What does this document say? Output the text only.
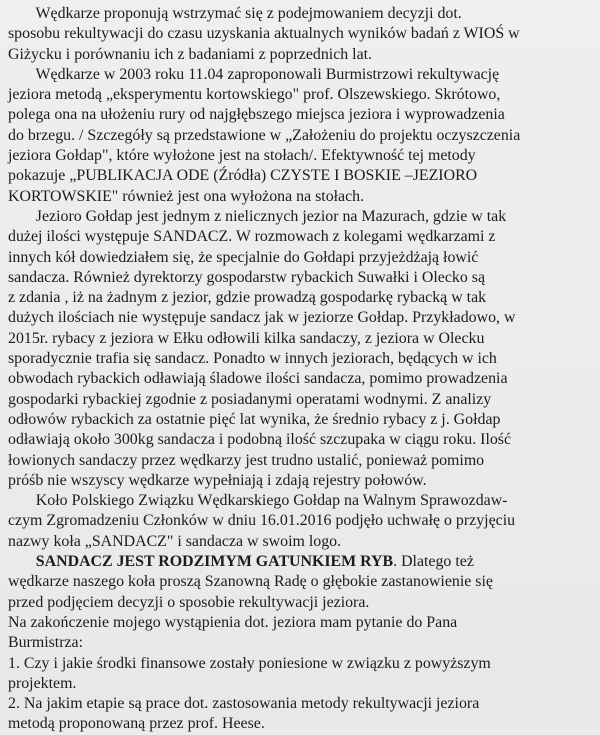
Wędkarze proponują wstrzymać się z podejmowaniem decyzji dot.
sposobu rekultywacji do czasu uzyskania aktualnych wyników badań z WIOŚ w
Giżycku i porównaniu ich z badaniami z poprzednich lat.
Wędkarze w 2003 roku 11.04 zaproponowali Burmistrzowi rekultywację
jeziora metodą „eksperymentu kortowskiego" prof. Olszewskiego. Skrótowo,
polega ona na ułożeniu rury od najgłębszego miejsca jeziora i wyprowadzenia
do brzegu. / Szczegóły są przedstawione w „Założeniu do projektu oczyszczenia
jeziora Gołdap", które wyłożone jest na stołach/. Efektywność tej metody
pokazuje „PUBLIKACJA ODE (Źródła) CZYSTE I BOSKIE –JEZIORO
KORTOWSKIE" również jest ona wyłożona na stołach.
Jezioro Gołdap jest jednym z nielicznych jezior na Mazurach, gdzie w tak
dużej ilości występuje SANDACZ. W rozmowach z kolegami wędkarzami z
innych kół dowiedziałem się, że specjalnie do Gołdapi przyjeżdżają łowić
sandacza. Również dyrektorzy gospodarstw rybackich Suwałki i Olecko są
z zdania , iż na żadnym z jezior, gdzie prowadzą gospodarkę rybacką w tak
dużych ilościach nie występuje sandacz jak w jeziorze Gołdap. Przykładowo, w
2015r. rybacy z jeziora w Ełku odłowili kilka sandaczy, z jeziora w Olecku
sporadycznie trafia się sandacz. Ponadto w innych jeziorach, będących w ich
obwodach rybackich odławiają śladowe ilości sandacza, pomimo prowadzenia
gospodarki rybackiej zgodnie z posiadanymi operatami wodnymi. Z analizy
odłowów rybackich za ostatnie pięć lat wynika, że średnio rybacy z j. Gołdap
odławiają około 300kg sandacza i podobną ilość szczupaka w ciągu roku. Ilość
łowionych sandaczy przez wędkarzy jest trudno ustalić, ponieważ pomimo
próśb nie wszyscy wędkarze wypełniają i zdają rejestry połowów.
Koło Polskiego Związku Wędkarskiego Gołdap na Walnym Sprawozdaw-
czym Zgromadzeniu Członków w dniu 16.01.2016 podjęło uchwałę o przyjęciu
nazwy koła „SANDACZ" i sandacza w swoim logo.
SANDACZ JEST RODZIMYM GATUNKIEM RYB. Dlatego też
wędkarze naszego koła proszą Szanowną Radę o głębokie zastanowienie się
przed podjęciem decyzji o sposobie rekultywacji jeziora.
Na zakończenie mojego wystąpienia dot. jeziora mam pytanie do Pana
Burmistrza:
1. Czy i jakie środki finansowe zostały poniesione w związku z powyższym
projektem.
2. Na jakim etapie są prace dot. zastosowania metody rekultywacji jeziora
metodą proponowaną przez prof. Heese.
